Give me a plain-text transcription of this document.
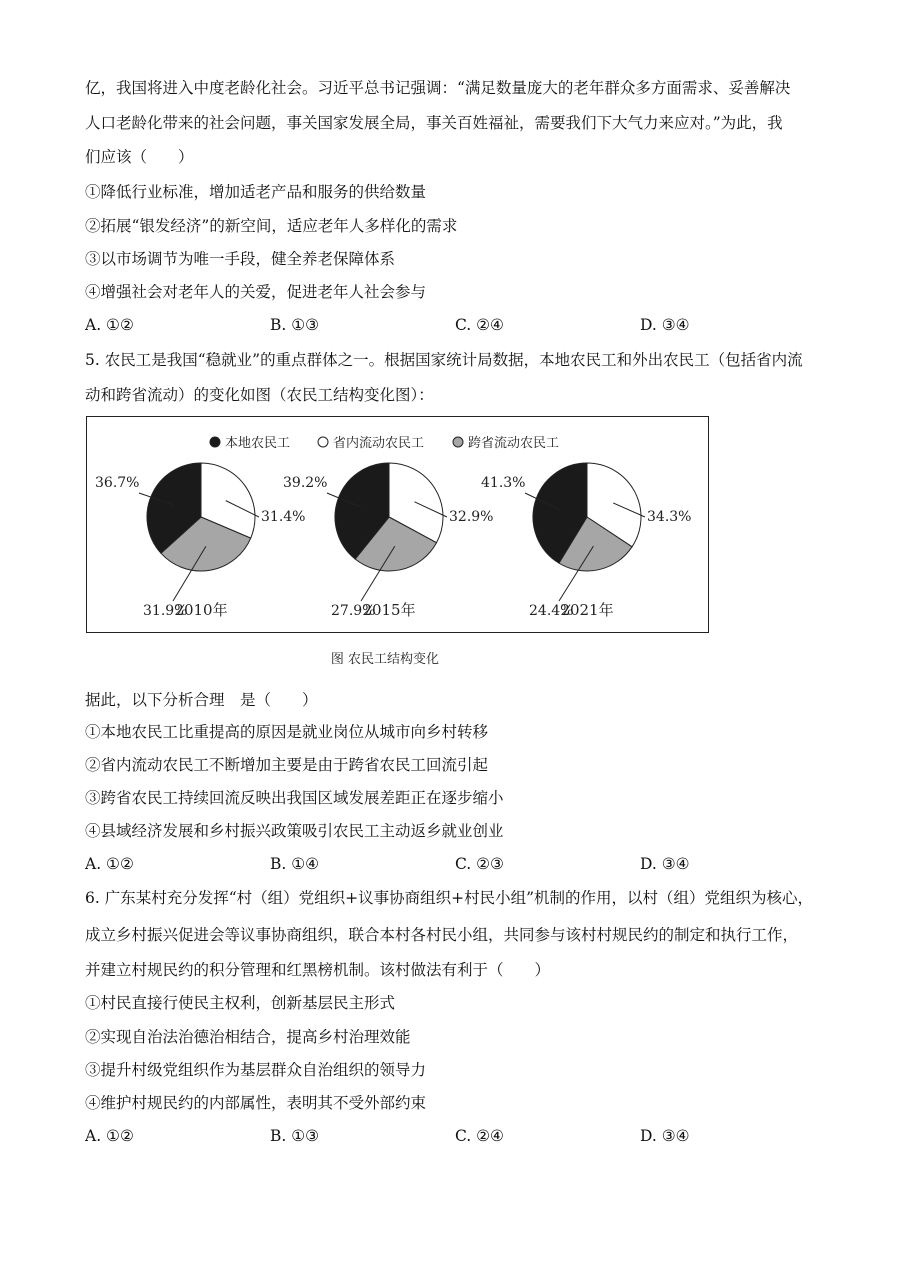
亿，我国将进入中度老龄化社会。习近平总书记强调：“满足数量庞大的老年群众多方面需求、妥善解决
人口老龄化带来的社会问题，事关国家发展全局，事关百姓福祉，需要我们下大气力来应对。”为此，我
们应该（　　）
①降低行业标准，增加适老产品和服务的供给数量
②拓展“银发经济”的新空间，适应老年人多样化的需求
③以市场调节为唯一手段，健全养老保障体系
④增强社会对老年人的关爱，促进老年人社会参与
A. ①②	B. ①③	C. ②④	D. ③④
5. 农民工是我国“稳就业”的重点群体之一。根据国家统计局数据，本地农民工和外出农民工（包括省内流
动和跨省流动）的变化如图（农民工结构变化图）：
本地农民工	省内流动农民工	跨省流动农民工
36.7%
31.4%
31.9%
2010年
39.2%
32.9%
27.9%
2015年
41.3%
34.3%
24.4%
2021年
图 农民工结构变化
据此，以下分析合理　是（　　）
①本地农民工比重提高的原因是就业岗位从城市向乡村转移
②省内流动农民工不断增加主要是由于跨省农民工回流引起
③跨省农民工持续回流反映出我国区域发展差距正在逐步缩小
④县域经济发展和乡村振兴政策吸引农民工主动返乡就业创业
A. ①②	B. ①④	C. ②③	D. ③④
6. 广东某村充分发挥“村（组）党组织+议事协商组织+村民小组”机制的作用，以村（组）党组织为核心，
成立乡村振兴促进会等议事协商组织，联合本村各村民小组，共同参与该村村规民约的制定和执行工作，
并建立村规民约的积分管理和红黑榜机制。该村做法有利于（　　）
①村民直接行使民主权利，创新基层民主形式
②实现自治法治德治相结合，提高乡村治理效能
③提升村级党组织作为基层群众自治组织的领导力
④维护村规民约的内部属性，表明其不受外部约束
A. ①②	B. ①③	C. ②④	D. ③④
